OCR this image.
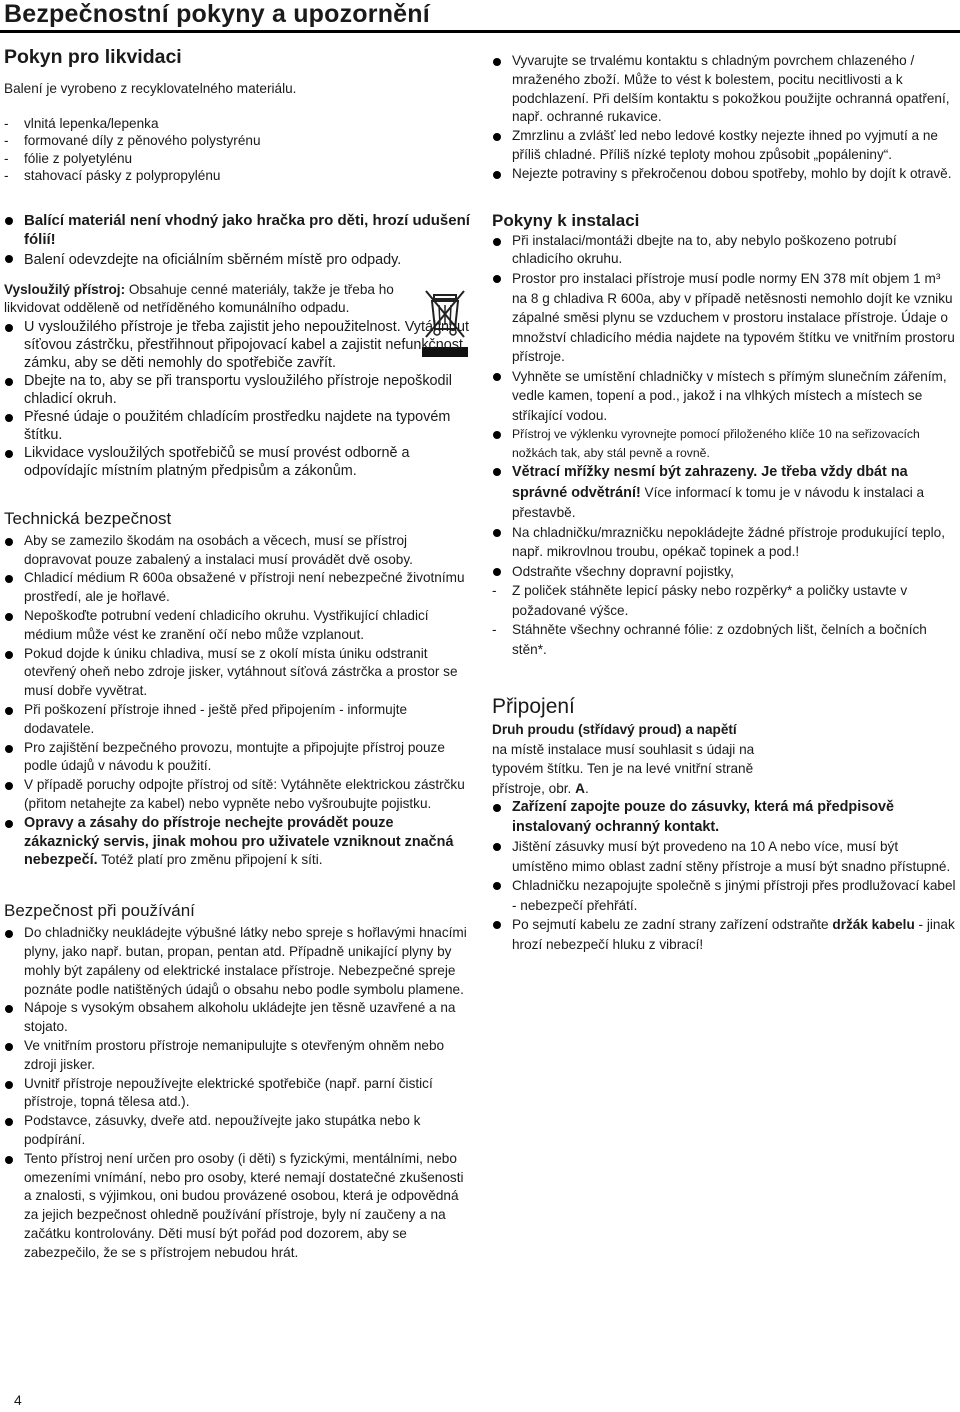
Bezpečnostní pokyny a upozornění
Pokyn pro likvidaci

Balení je vyrobeno z recyklovatelného materiálu.

- vlnitá lepenka/lepenka
- formované díly z pěnového polystyrénu
- fólie z polyetylénu
- stahovací pásky z polypropylénu
Balící materiál není vhodný jako hračka pro děti, hrozí udušení fólií!
Balení odevzdejte na oficiálním sběrném místě pro odpady.

Vysloužilý přístroj: Obsahuje cenné materiály, takže je třeba ho likvidovat odděleně od netříděného komunálního odpadu.

U vysloužilého přístroje je třeba zajistit jeho nepoužitelnost. Vytáhnout síťovou zástrčku, přestřihnout připojovací kabel a zajistit nefunkčnost zámku, aby se děti nemohly do spotřebiče zavřít.
Dbejte na to, aby se při transportu vysloužilého přístroje nepoškodil chladicí okruh.
Přesné údaje o použitém chladícím prostředku najdete na typovém štítku.
Likvidace vysloužilých spotřebičů se musí provést odborně a odpovídajíc místním platným předpisům a zákonům.
Technická bezpečnost
Aby se zamezilo škodám na osobách a věcech, musí se přístroj dopravovat pouze zabalený a instalaci musí provádět dvě osoby.
Chladicí médium R 600a obsažené v přístroji není nebezpečné životnímu prostředí, ale je hořlavé.
Nepoškoďte potrubní vedení chladicího okruhu. Vystřikující chladicí médium může vést ke zranění očí nebo může vzplanout.
Pokud dojde k úniku chladiva, musí se z okolí místa úniku odstranit otevřený oheň nebo zdroje jisker, vytáhnout síťová zástrčka a prostor se musí dobře vyvětrat.
Při poškození přístroje ihned - ještě před připojením - informujte dodavatele.
Pro zajištění bezpečného provozu, montujte a připojujte přístroj pouze podle údajů v návodu k použití.
V případě poruchy odpojte přístroj od sítě: Vytáhněte elektrickou zástrčku (přitom netahejte za kabel) nebo vypněte nebo vyšroubujte pojistku.
Opravy a zásahy do přístroje nechejte provádět pouze zákaznický servis, jinak mohou pro uživatele vzniknout značná nebezpečí. Totéž platí pro změnu připojení k síti.
Bezpečnost při používání
Do chladničky neukládejte výbušné látky nebo spreje s hořlavými hnacími plyny, jako např. butan, propan, pentan atd. Případně unikající plyny by mohly být zapáleny od elektrické instalace přístroje. Nebezpečné spreje poznáte podle natištěných údajů o obsahu nebo podle symbolu plamene.
Nápoje s vysokým obsahem alkoholu ukládejte jen těsně uzavřené a na stojato.
Ve vnitřním prostoru přístroje nemanipulujte s otevřeným ohněm nebo zdroji jisker.
Uvnitř přístroje nepoužívejte elektrické spotřebiče (např. parní čisticí přístroje, topná tělesa atd.).
Podstavce, zásuvky, dveře atd. nepoužívejte jako stupátka nebo k podpírání.
Tento přístroj není určen pro osoby (i děti) s fyzickými, mentálními, nebo omezeními vnímání, nebo pro osoby, které nemají dostatečné zkušenosti a znalosti, s výjimkou, oni budou provázené osobou, která je odpovědná za jejich bezpečnost ohledně používání přístroje, byly ní zaučeny a na začátku kontrolovány. Děti musí být pořád pod dozorem, aby se zabezpečilo, že se s přístrojem nebudou hrát.
Vyvarujte se trvalému kontaktu s chladným povrchem chlazeného / mraženého zboží. Může to vést k bolestem, pocitu necitlivosti a k podchlazení. Při delším kontaktu s pokožkou použijte ochranná opatření, např. ochranné rukavice.
Zmrzlinu a zvlášť led nebo ledové kostky nejezte ihned po vyjmutí a ne příliš chladné. Příliš nízké teploty mohou způsobit „popáleniny“.
Nejezte potraviny s překročenou dobou spotřeby, mohlo by dojít k otravě.
Pokyny k instalaci
Při instalaci/montáži dbejte na to, aby nebylo poškozeno potrubí chladicího okruhu.
Prostor pro instalaci přístroje musí podle normy EN 378 mít objem 1 m³ na 8 g chladiva R 600a, aby v případě netěsnosti nemohlo dojít ke vzniku zápalné směsi plynu se vzduchem v prostoru instalace přístroje. Údaje o množství chladicího média najdete na typovém štítku ve vnitřním prostoru přístroje.
Vyhněte se umístění chladničky v místech s přímým slunečním zářením, vedle kamen, topení a pod., jakož i na vlhkých místech a místech se stříkající vodou.
Přístroj ve výklenku vyrovnejte pomocí přiloženého klíče 10 na seřizovacích nožkách tak, aby stál pevně a rovně.
Větrací mřížky nesmí být zahrazeny. Je třeba vždy dbát na správné odvětrání! Více informací k tomu je v návodu k instalaci a přestavbě.
Na chladničku/mrazničku nepokládejte žádné přístroje produkující teplo, např. mikrovlnou troubu, opékač topinek a pod.!
Odstraňte všechny dopravní pojistky,
- Z poliček stáhněte lepicí pásky nebo rozpěrky* a poličky ustavte v požadované výšce.
- Stáhněte všechny ochranné fólie: z ozdobných lišt, čelních a bočních stěn*.
Připojení

Druh proudu (střídavý proud) a napětí

na místě instalace musí souhlasit s údaji na typovém štítku. Ten je na levé vnitřní straně přístroje, obr. A.

Zařízení zapojte pouze do zásuvky, která má předpisově instalovaný ochranný kontakt.
Jištění zásuvky musí být provedeno na 10 A nebo více, musí být umístěno mimo oblast zadní stěny přístroje a musí být snadno přístupné.
Chladničku nezapojujte společně s jinými přístroji přes prodlužovací kabel - nebezpečí přehřátí.
Po sejmutí kabelu ze zadní strany zařízení odstraňte držák kabelu - jinak hrozí nebezpečí hluku z vibrací!
4
